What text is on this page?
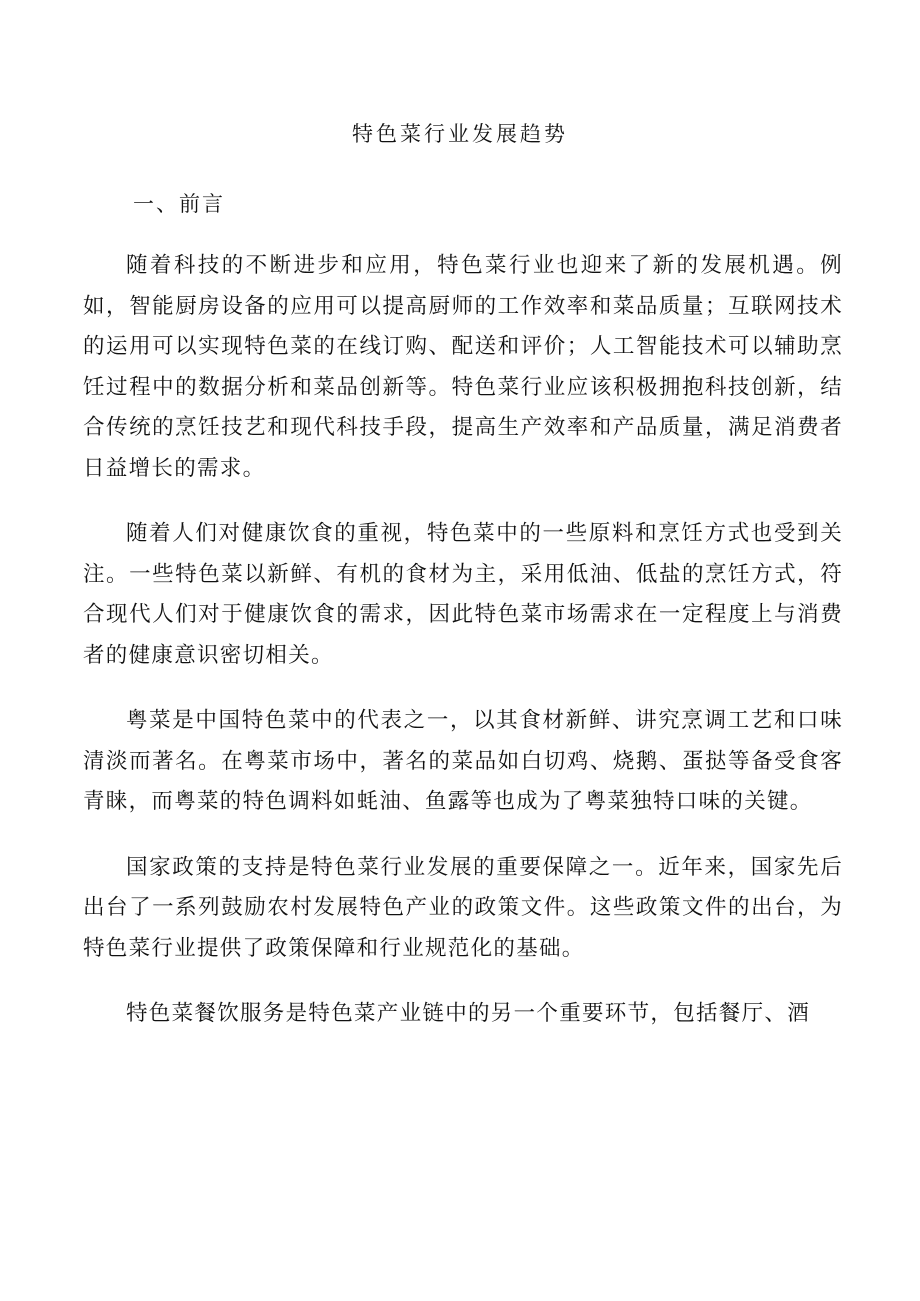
特色菜行业发展趋势
一、前言

随着科技的不断进步和应用，特色菜行业也迎来了新的发展机遇。例如，智能厨房设备的应用可以提高厨师的工作效率和菜品质量；互联网技术的运用可以实现特色菜的在线订购、配送和评价；人工智能技术可以辅助烹饪过程中的数据分析和菜品创新等。特色菜行业应该积极拥抱科技创新，结合传统的烹饪技艺和现代科技手段，提高生产效率和产品质量，满足消费者日益增长的需求。

随着人们对健康饮食的重视，特色菜中的一些原料和烹饪方式也受到关注。一些特色菜以新鲜、有机的食材为主，采用低油、低盐的烹饪方式，符合现代人们对于健康饮食的需求，因此特色菜市场需求在一定程度上与消费者的健康意识密切相关。

粤菜是中国特色菜中的代表之一，以其食材新鲜、讲究烹调工艺和口味清淡而著名。在粤菜市场中，著名的菜品如白切鸡、烧鹅、蛋挞等备受食客青睐，而粤菜的特色调料如蚝油、鱼露等也成为了粤菜独特口味的关键。

国家政策的支持是特色菜行业发展的重要保障之一。近年来，国家先后出台了一系列鼓励农村发展特色产业的政策文件。这些政策文件的出台，为特色菜行业提供了政策保障和行业规范化的基础。

特色菜餐饮服务是特色菜产业链中的另一个重要环节，包括餐厅、酒
